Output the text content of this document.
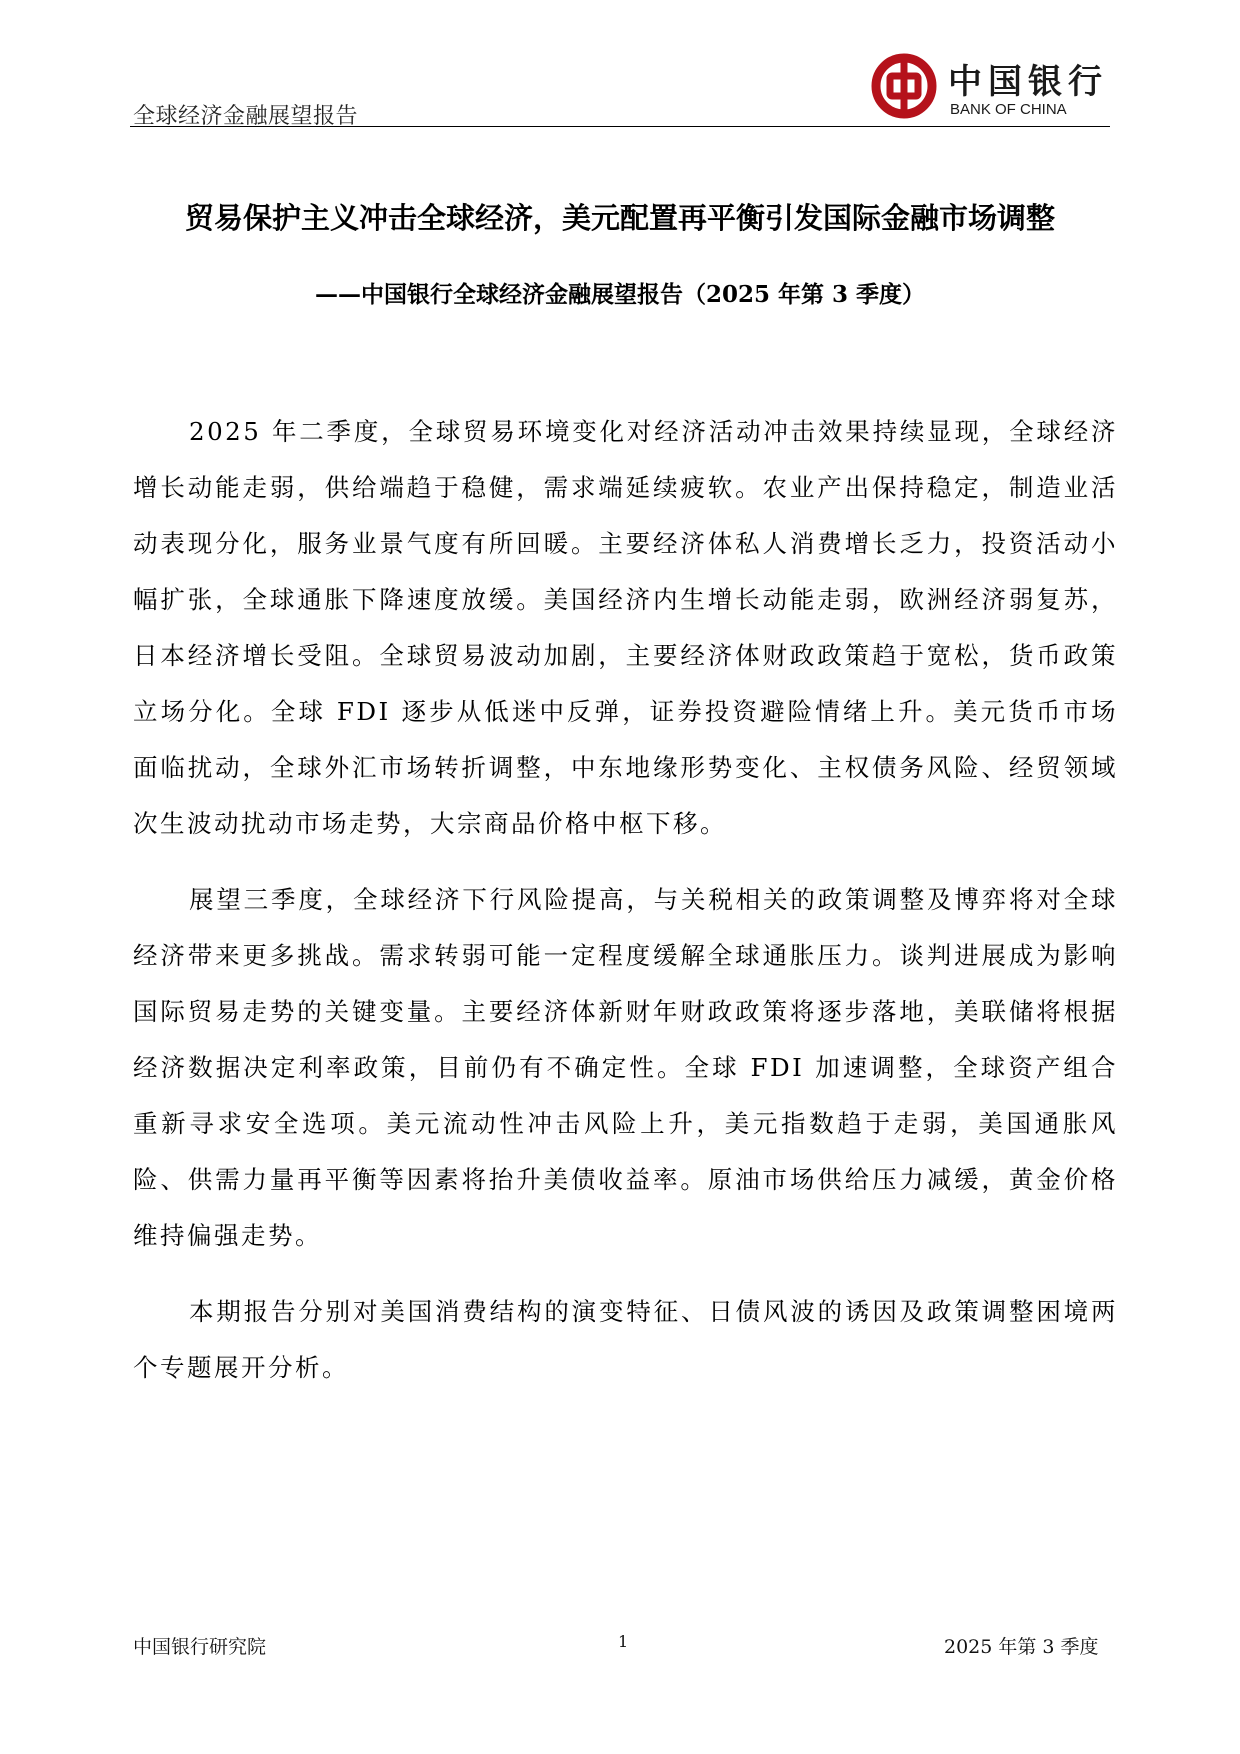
全球经济金融展望报告
中国银行
BANK OF CHINA
贸易保护主义冲击全球经济，美元配置再平衡引发国际金融市场调整
——中国银行全球经济金融展望报告（2025 年第 3 季度）

2025 年二季度，全球贸易环境变化对经济活动冲击效果持续显现，全球经济增长动能走弱，供给端趋于稳健，需求端延续疲软。农业产出保持稳定，制造业活动表现分化，服务业景气度有所回暖。主要经济体私人消费增长乏力，投资活动小幅扩张，全球通胀下降速度放缓。美国经济内生增长动能走弱，欧洲经济弱复苏，日本经济增长受阻。全球贸易波动加剧，主要经济体财政政策趋于宽松，货币政策立场分化。全球 FDI 逐步从低迷中反弹，证券投资避险情绪上升。美元货币市场面临扰动，全球外汇市场转折调整，中东地缘形势变化、主权债务风险、经贸领域次生波动扰动市场走势，大宗商品价格中枢下移。

展望三季度，全球经济下行风险提高，与关税相关的政策调整及博弈将对全球经济带来更多挑战。需求转弱可能一定程度缓解全球通胀压力。谈判进展成为影响国际贸易走势的关键变量。主要经济体新财年财政政策将逐步落地，美联储将根据经济数据决定利率政策，目前仍有不确定性。全球 FDI 加速调整，全球资产组合重新寻求安全选项。美元流动性冲击风险上升，美元指数趋于走弱，美国通胀风险、供需力量再平衡等因素将抬升美债收益率。原油市场供给压力减缓，黄金价格维持偏强走势。

本期报告分别对美国消费结构的演变特征、日债风波的诱因及政策调整困境两个专题展开分析。

中国银行研究院	1	2025 年第 3 季度
